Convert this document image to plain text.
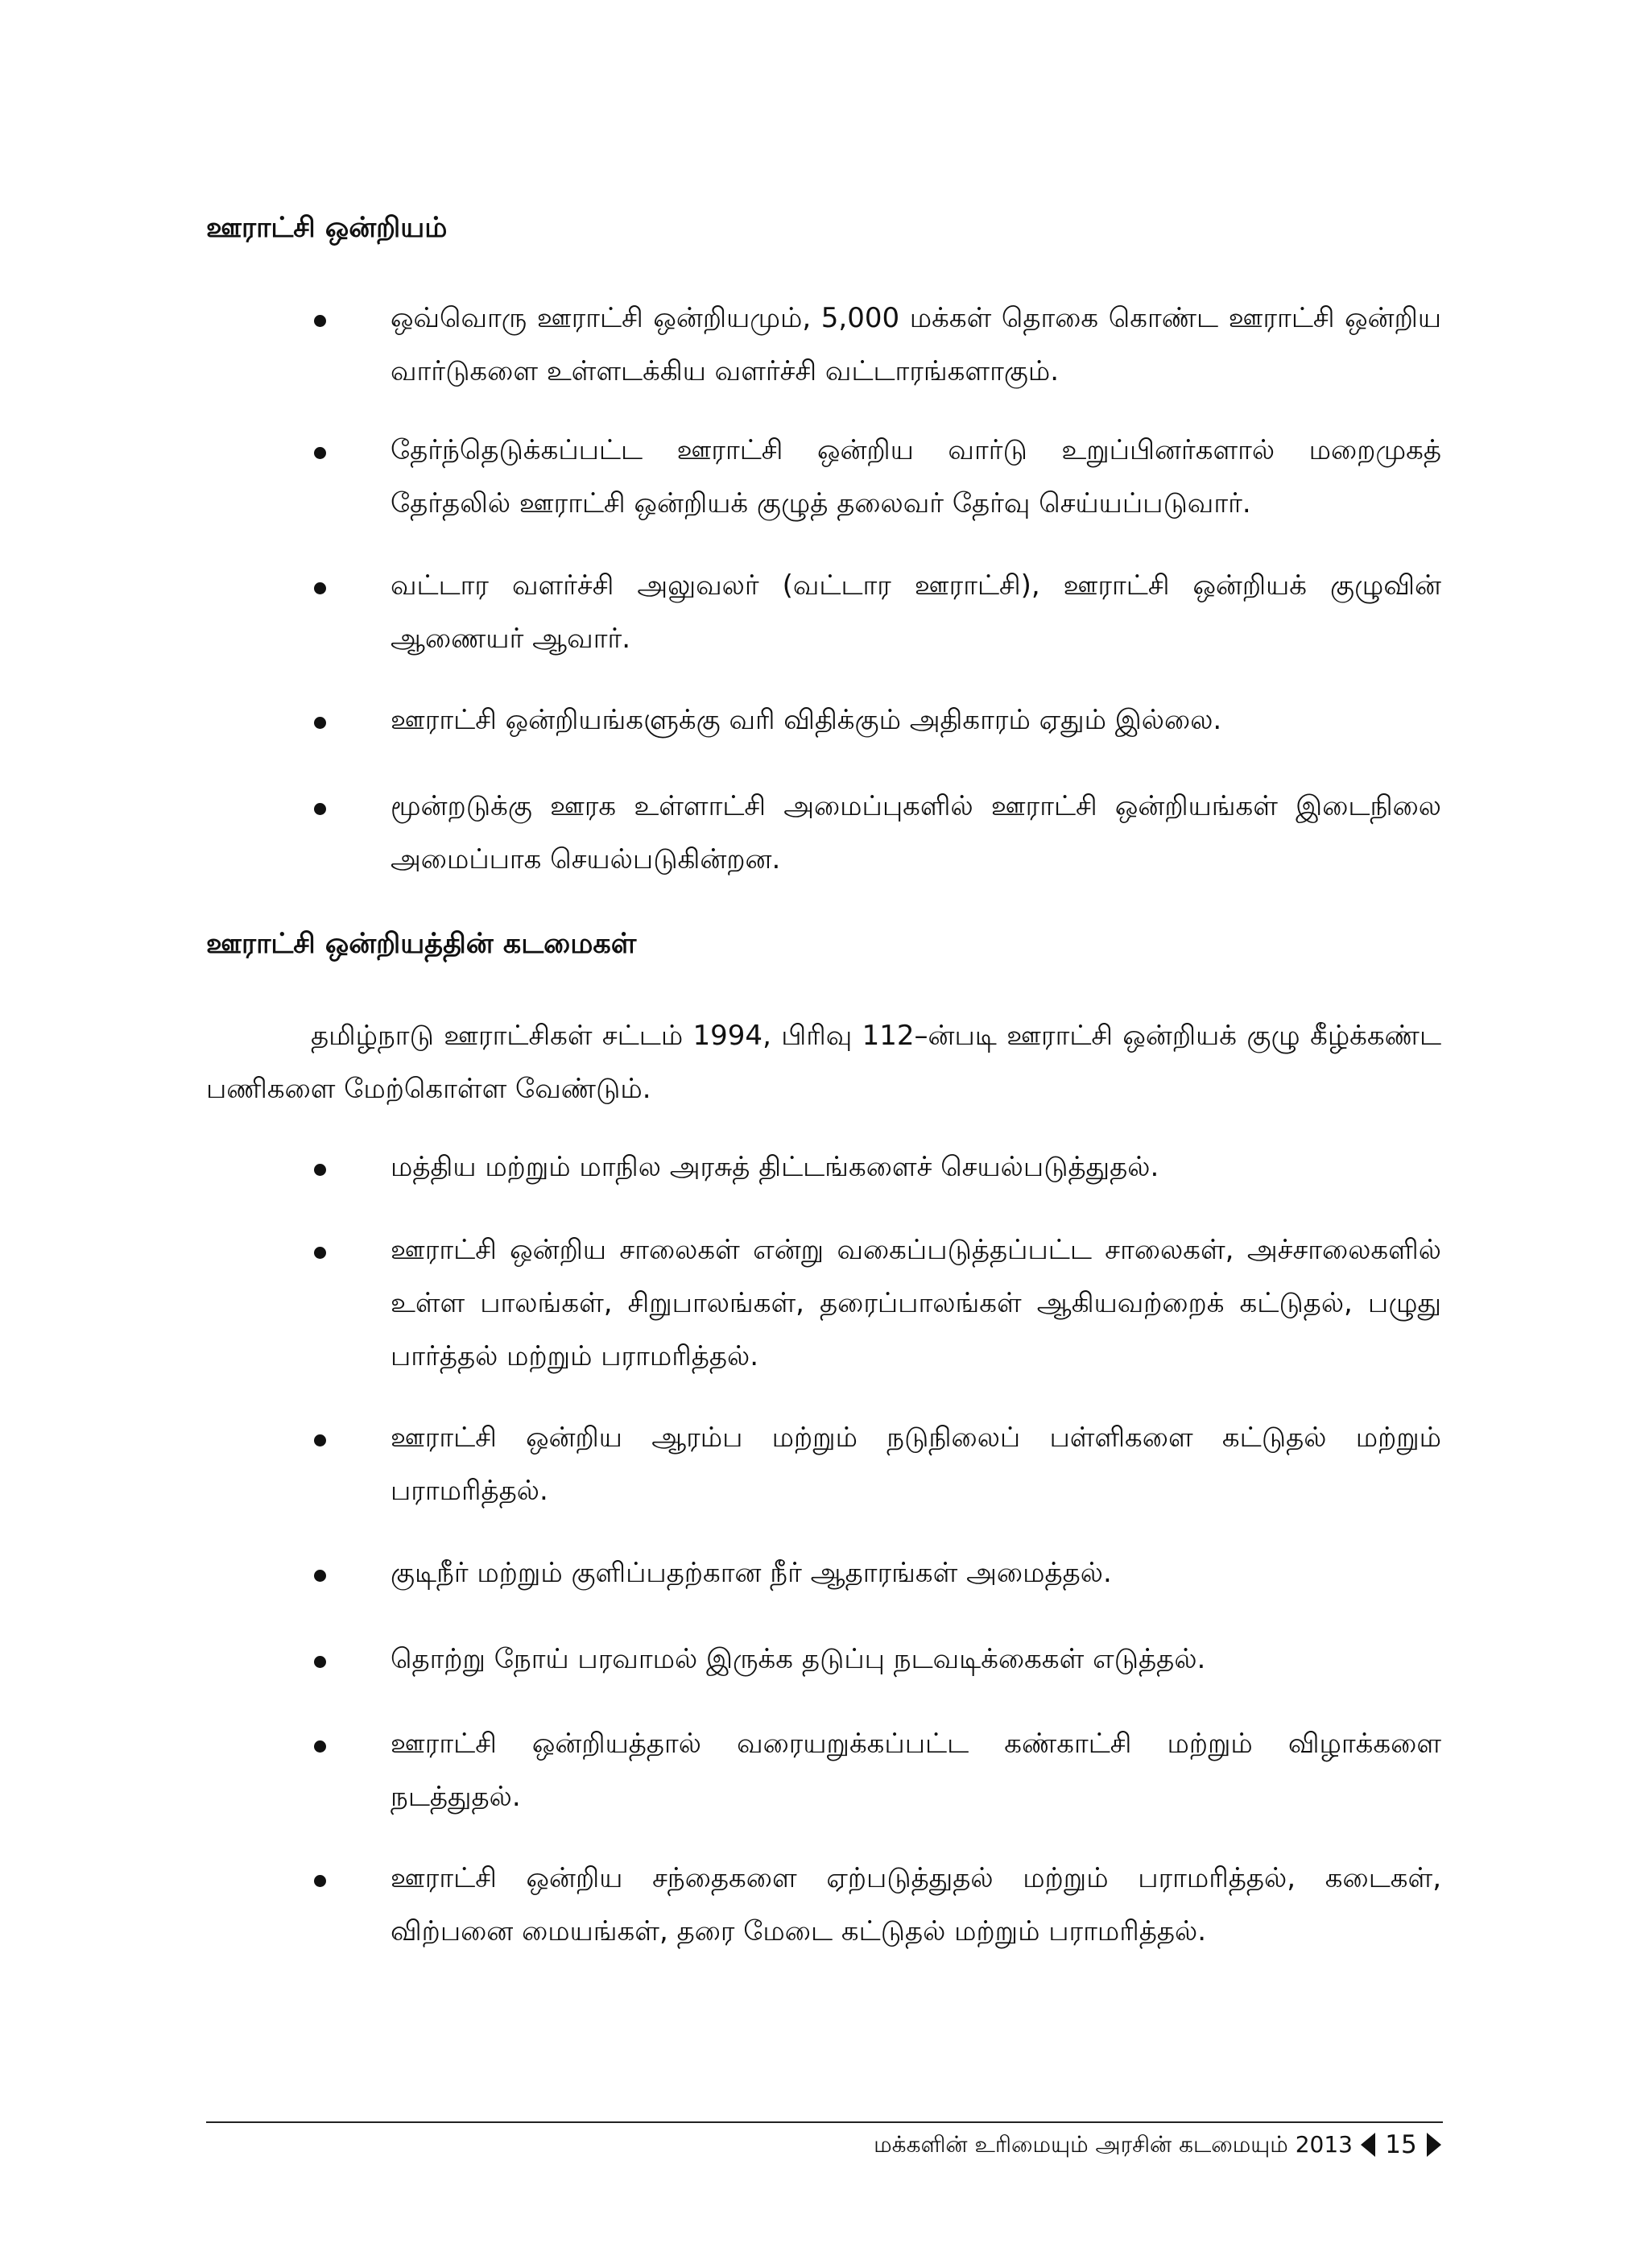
ஊராட்சி ஒன்றியம்
ஒவ்வொரு ஊராட்சி ஒன்றியமும், 5,000 மக்கள் தொகை கொண்ட ஊராட்சி ஒன்றிய வார்டுகளை உள்ளடக்கிய வளர்ச்சி வட்டாரங்களாகும்.
தேர்ந்தெடுக்கப்பட்ட ஊராட்சி ஒன்றிய வார்டு உறுப்பினர்களால் மறைமுகத் தேர்தலில் ஊராட்சி ஒன்றியக் குழுத் தலைவர் தேர்வு செய்யப்படுவார்.
வட்டார வளர்ச்சி அலுவலர் (வட்டார ஊராட்சி), ஊராட்சி ஒன்றியக் குழுவின் ஆணையர் ஆவார்.
ஊராட்சி ஒன்றியங்களுக்கு வரி விதிக்கும் அதிகாரம் ஏதும் இல்லை.
மூன்றடுக்கு ஊரக உள்ளாட்சி அமைப்புகளில் ஊராட்சி ஒன்றியங்கள் இடைநிலை அமைப்பாக செயல்படுகின்றன.
ஊராட்சி ஒன்றியத்தின் கடமைகள்
தமிழ்நாடு ஊராட்சிகள் சட்டம் 1994, பிரிவு 112–ன்படி ஊராட்சி ஒன்றியக் குழு கீழ்க்கண்ட பணிகளை மேற்கொள்ள வேண்டும்.
மத்திய மற்றும் மாநில அரசுத் திட்டங்களைச் செயல்படுத்துதல்.
ஊராட்சி ஒன்றிய சாலைகள் என்று வகைப்படுத்தப்பட்ட சாலைகள், அச்சாலைகளில் உள்ள பாலங்கள், சிறுபாலங்கள், தரைப்பாலங்கள் ஆகியவற்றைக் கட்டுதல், பழுது பார்த்தல் மற்றும் பராமரித்தல்.
ஊராட்சி ஒன்றிய ஆரம்ப மற்றும் நடுநிலைப் பள்ளிகளை கட்டுதல் மற்றும் பராமரித்தல்.
குடிநீர் மற்றும் குளிப்பதற்கான நீர் ஆதாரங்கள் அமைத்தல்.
தொற்று நோய் பரவாமல் இருக்க தடுப்பு நடவடிக்கைகள் எடுத்தல்.
ஊராட்சி ஒன்றியத்தால் வரையறுக்கப்பட்ட கண்காட்சி மற்றும் விழாக்களை நடத்துதல்.
ஊராட்சி ஒன்றிய சந்தைகளை ஏற்படுத்துதல் மற்றும் பராமரித்தல், கடைகள், விற்பனை மையங்கள், தரை மேடை கட்டுதல் மற்றும் பராமரித்தல்.
மக்களின் உரிமையும் அரசின் கடமையும் 2013 15
